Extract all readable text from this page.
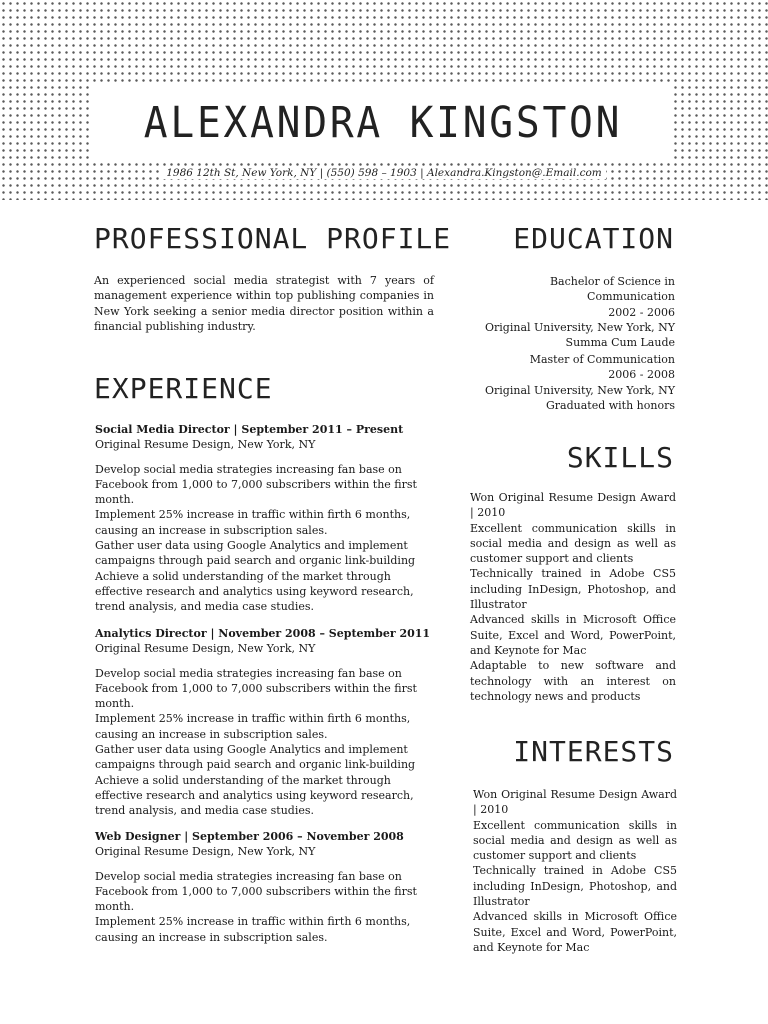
ALEXANDRA KINGSTON
1986 12th St, New York, NY | (550) 598 – 1903 | Alexandra.Kingston@.Email.com
PROFESSIONAL PROFILE
An experienced social media strategist with 7 years of management experience within top publishing companies in New York seeking a senior media director position within a financial publishing industry.
EXPERIENCE
Social Media Director | September 2011 – Present
Original Resume Design, New York, NY

Develop social media strategies increasing fan base on Facebook from 1,000 to 7,000 subscribers within the first month.

Implement 25% increase in traffic within firth 6 months, causing an increase in subscription sales.

Gather user data using Google Analytics and implement campaigns through paid search and organic link-building

Achieve a solid understanding of the market through effective research and analytics using keyword research, trend analysis, and media case studies.

Analytics Director | November 2008 – September 2011
Original Resume Design, New York, NY

Develop social media strategies increasing fan base on Facebook from 1,000 to 7,000 subscribers within the first month.

Implement 25% increase in traffic within firth 6 months, causing an increase in subscription sales.

Gather user data using Google Analytics and implement campaigns through paid search and organic link-building

Achieve a solid understanding of the market through effective research and analytics using keyword research, trend analysis, and media case studies.

Web Designer | September 2006 – November 2008
Original Resume Design, New York, NY

Develop social media strategies increasing fan base on Facebook from 1,000 to 7,000 subscribers within the first month.

Implement 25% increase in traffic within firth 6 months, causing an increase in subscription sales.

EDUCATION

Bachelor of Science in Communication

2002 - 2006

Original University, New York, NY

Summa Cum Laude

Master of Communication

2006 - 2008

Original University, New York, NY

Graduated with honors

SKILLS

Won Original Resume Design Award | 2010

Excellent communication skills in social media and design as well as customer support and clients

Technically trained in Adobe CS5 including InDesign, Photoshop, and Illustrator

Advanced skills in Microsoft Office Suite, Excel and Word, PowerPoint, and Keynote for Mac

Adaptable to new software and technology with an interest on technology news and products

INTERESTS

Won Original Resume Design Award | 2010

Excellent communication skills in social media and design as well as customer support and clients

Technically trained in Adobe CS5 including InDesign, Photoshop, and Illustrator

Advanced skills in Microsoft Office Suite, Excel and Word, PowerPoint, and Keynote for Mac
